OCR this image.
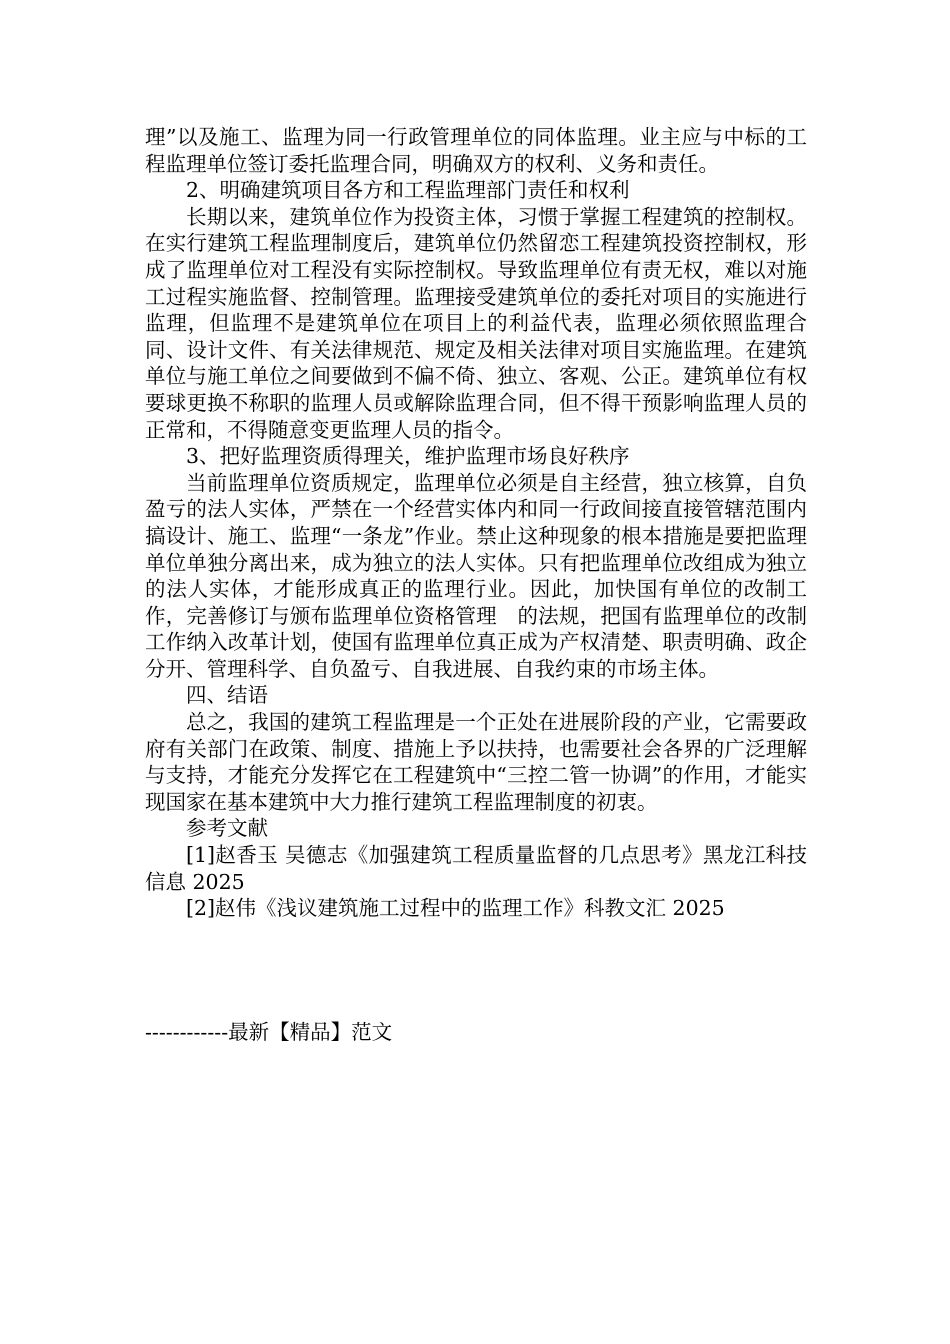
理”以及施工、监理为同一行政管理单位的同体监理。业主应与中标的工程监理单位签订委托监理合同，明确双方的权利、义务和责任。

2、明确建筑项目各方和工程监理部门责任和权利

长期以来，建筑单位作为投资主体，习惯于掌握工程建筑的控制权。在实行建筑工程监理制度后，建筑单位仍然留恋工程建筑投资控制权，形成了监理单位对工程没有实际控制权。导致监理单位有责无权，难以对施工过程实施监督、控制管理。监理接受建筑单位的委托对项目的实施进行监理，但监理不是建筑单位在项目上的利益代表，监理必须依照监理合同、设计文件、有关法律规范、规定及相关法律对项目实施监理。在建筑单位与施工单位之间要做到不偏不倚、独立、客观、公正。建筑单位有权要球更换不称职的监理人员或解除监理合同，但不得干预影响监理人员的正常和，不得随意变更监理人员的指令。

3、把好监理资质得理关，维护监理市场良好秩序

当前监理单位资质规定，监理单位必须是自主经营，独立核算，自负盈亏的法人实体，严禁在一个经营实体内和同一行政间接直接管辖范围内搞设计、施工、监理“一条龙”作业。禁止这种现象的根本措施是要把监理单位单独分离出来，成为独立的法人实体。只有把监理单位改组成为独立的法人实体，才能形成真正的监理行业。因此，加快国有单位的改制工作，完善修订与颁布监理单位资格管理　的法规，把国有监理单位的改制工作纳入改革计划，使国有监理单位真正成为产权清楚、职责明确、政企分开、管理科学、自负盈亏、自我进展、自我约束的市场主体。

四、结语

总之，我国的建筑工程监理是一个正处在进展阶段的产业，它需要政府有关部门在政策、制度、措施上予以扶持，也需要社会各界的广泛理解与支持，才能充分发挥它在工程建筑中“三控二管一协调”的作用，才能实现国家在基本建筑中大力推行建筑工程监理制度的初衷。

参考文献

[1]赵香玉 吴德志《加强建筑工程质量监督的几点思考》黑龙江科技信息 2025

[2]赵伟《浅议建筑施工过程中的监理工作》科教文汇 2025

------------最新【精品】范文
